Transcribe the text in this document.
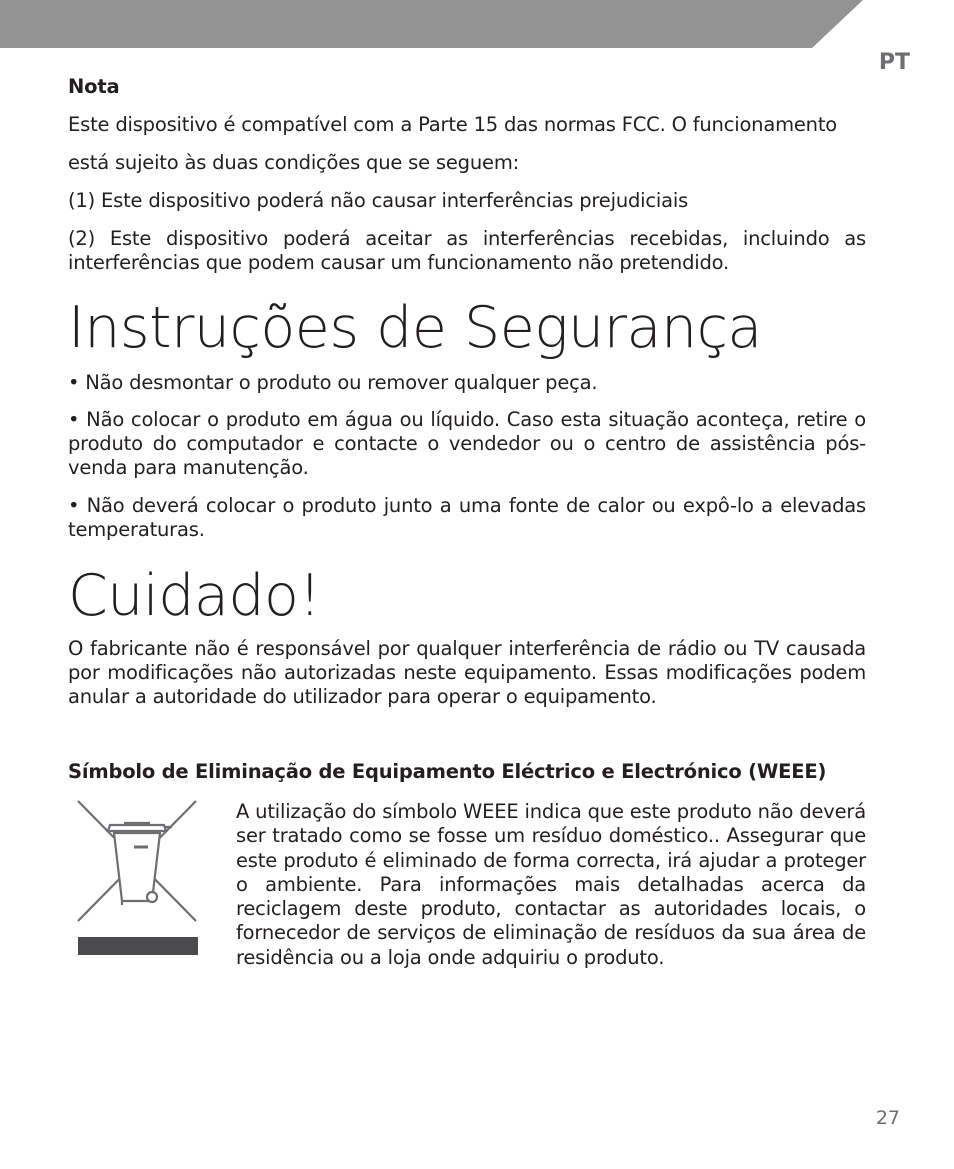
PT
Nota
Este dispositivo é compatível com a Parte 15 das normas FCC. O funcionamento
está sujeito às duas condições que se seguem:
(1) Este dispositivo poderá não causar interferências prejudiciais
(2) Este dispositivo poderá aceitar as interferências recebidas, incluindo as interferências que podem causar um funcionamento não pretendido.
Instruções de Segurança
• Não desmontar o produto ou remover qualquer peça.
• Não colocar o produto em água ou líquido. Caso esta situação aconteça, retire o produto do computador e contacte o vendedor ou o centro de assistência pós-venda para manutenção.
• Não deverá colocar o produto junto a uma fonte de calor ou expô-lo a elevadas temperaturas.
Cuidado!
O fabricante não é responsável por qualquer interferência de rádio ou TV causada por modificações não autorizadas neste equipamento. Essas modificações podem anular a autoridade do utilizador para operar o equipamento.
Símbolo de Eliminação de Equipamento Eléctrico e Electrónico (WEEE)
A utilização do símbolo WEEE indica que este produto não deverá ser tratado como se fosse um resíduo doméstico.. Assegurar que este produto é eliminado de forma correcta, irá ajudar a proteger o ambiente. Para informações mais detalhadas acerca da reciclagem deste produto, contactar as autoridades locais, o fornecedor de serviços de eliminação de resíduos da sua área de residência ou a loja onde adquiriu o produto.
27
